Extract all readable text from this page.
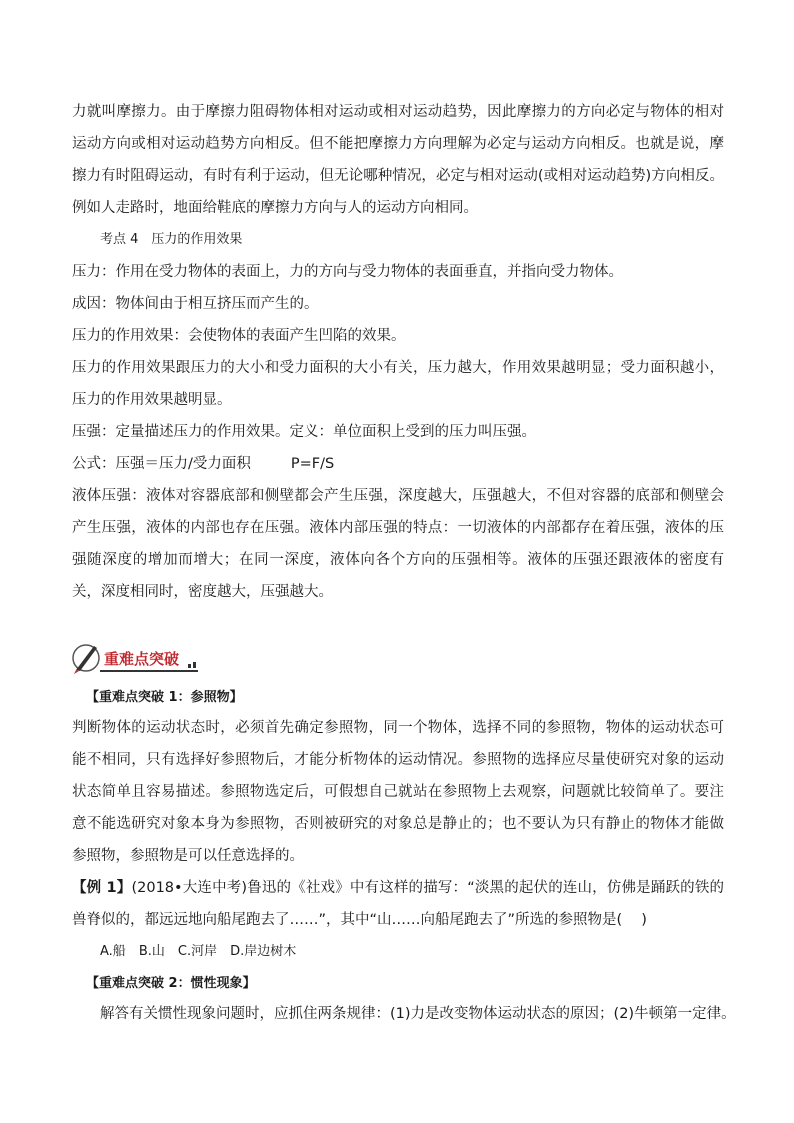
力就叫摩擦力。由于摩擦力阻碍物体相对运动或相对运动趋势，因此摩擦力的方向必定与物体的相对运动方向或相对运动趋势方向相反。但不能把摩擦力方向理解为必定与运动方向相反。也就是说，摩擦力有时阻碍运动，有时有利于运动，但无论哪种情况，必定与相对运动(或相对运动趋势)方向相反。例如人走路时，地面给鞋底的摩擦力方向与人的运动方向相同。

考点 4　压力的作用效果

压力：作用在受力物体的表面上，力的方向与受力物体的表面垂直，并指向受力物体。

成因：物体间由于相互挤压而产生的。

压力的作用效果：会使物体的表面产生凹陷的效果。

压力的作用效果跟压力的大小和受力面积的大小有关，压力越大，作用效果越明显；受力面积越小，压力的作用效果越明显。

压强：定量描述压力的作用效果。定义：单位面积上受到的压力叫压强。

公式：压强＝压力/受力面积	P=F/S

液体压强：液体对容器底部和侧壁都会产生压强，深度越大，压强越大，不但对容器的底部和侧壁会产生压强，液体的内部也存在压强。液体内部压强的特点：一切液体的内部都存在着压强，液体的压强随深度的增加而增大；在同一深度，液体向各个方向的压强相等。液体的压强还跟液体的密度有关，深度相同时，密度越大，压强越大。

重难点突破

【重难点突破 1：参照物】

判断物体的运动状态时，必须首先确定参照物，同一个物体，选择不同的参照物，物体的运动状态可能不相同，只有选择好参照物后，才能分析物体的运动情况。参照物的选择应尽量使研究对象的运动状态简单且容易描述。参照物选定后，可假想自己就站在参照物上去观察，问题就比较简单了。要注意不能选研究对象本身为参照物，否则被研究的对象总是静止的；也不要认为只有静止的物体才能做参照物，参照物是可以任意选择的。

【例 1】(2018•大连中考)鲁迅的《社戏》中有这样的描写：“淡黑的起伏的连山，仿佛是踊跃的铁的兽脊似的，都远远地向船尾跑去了……”，其中“山……向船尾跑去了”所选的参照物是(　 )

A.船   B.山   C.河岸   D.岸边树木

【重难点突破 2：惯性现象】

解答有关惯性现象问题时，应抓住两条规律：(1)力是改变物体运动状态的原因；(2)牛顿第一定律。
